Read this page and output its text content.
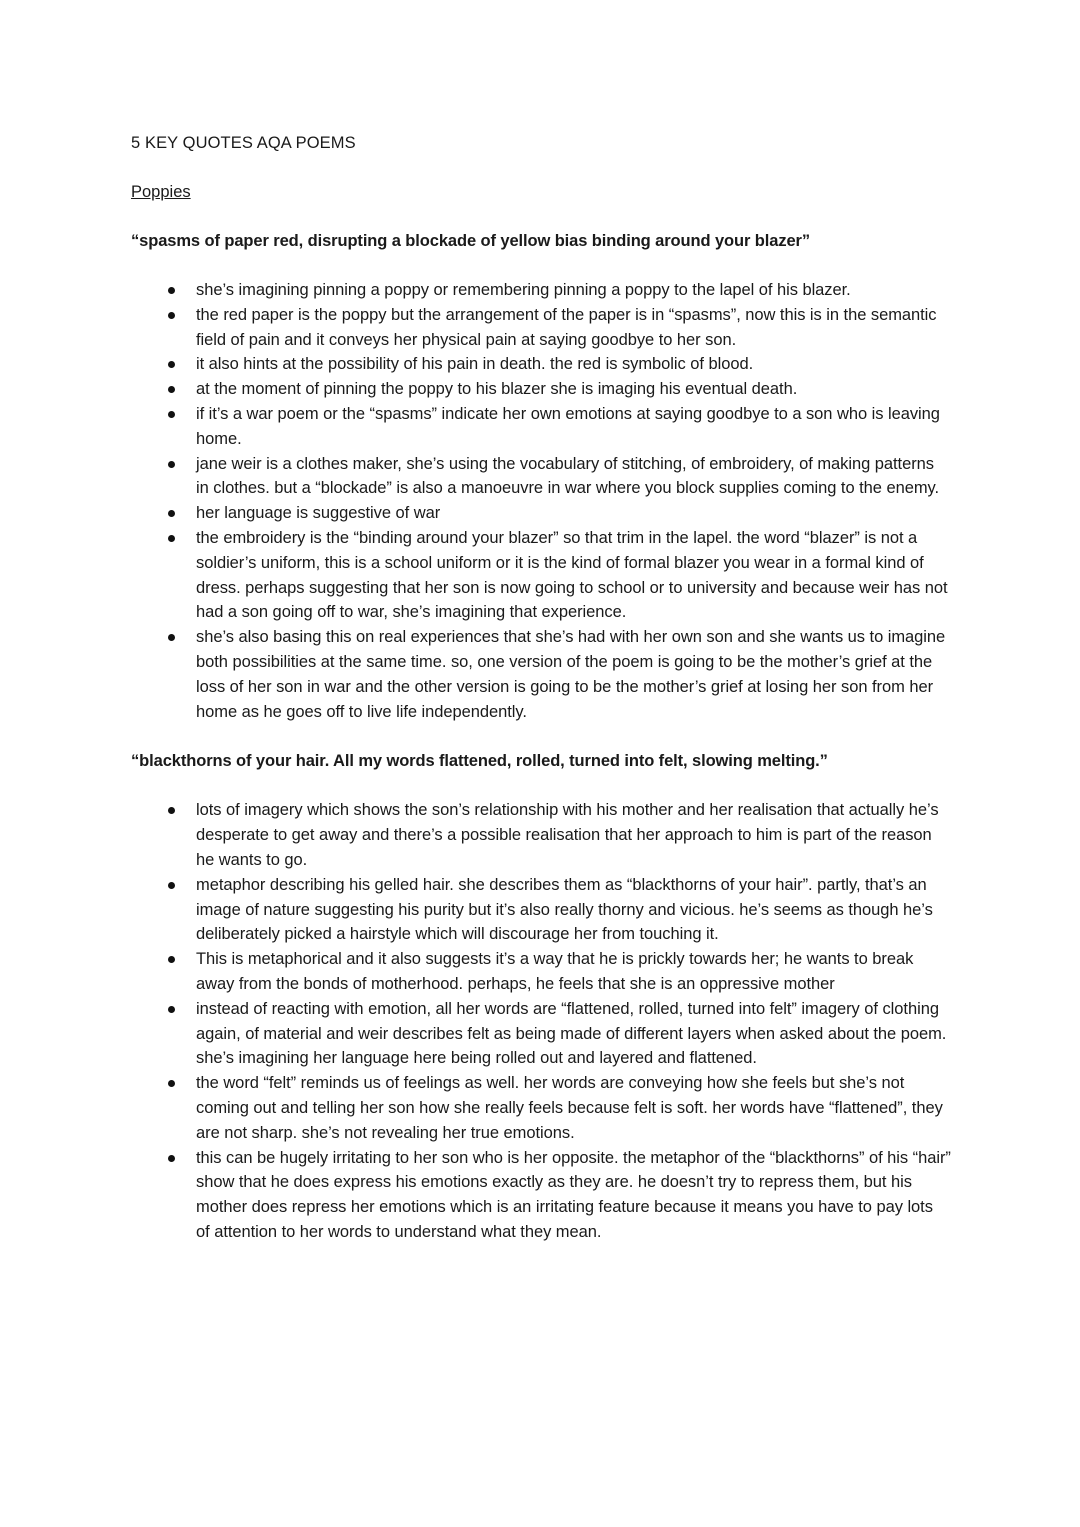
5 KEY QUOTES AQA POEMS
Poppies
“spasms of paper red, disrupting a blockade of yellow bias binding around your blazer”
she’s imagining pinning a poppy or remembering pinning a poppy to the lapel of his blazer.
the red paper is the poppy but the arrangement of the paper is in “spasms”, now this is in the semantic field of pain and it conveys her physical pain at saying goodbye to her son.
it also hints at the possibility of his pain in death. the red is symbolic of blood.
at the moment of pinning the poppy to his blazer she is imaging his eventual death.
if it’s a war poem or the “spasms” indicate her own emotions at saying goodbye to a son who is leaving home.
jane weir is a clothes maker, she’s using the vocabulary of stitching, of embroidery, of making patterns in clothes. but a “blockade” is also a manoeuvre in war where you block supplies coming to the enemy.
her language is suggestive of war
the embroidery is the “binding around your blazer” so that trim in the lapel. the word “blazer” is not a soldier’s uniform, this is a school uniform or it is the kind of formal blazer you wear in a formal kind of dress. perhaps suggesting that her son is now going to school or to university and because weir has not had a son going off to war, she’s imagining that experience.
she’s also basing this on real experiences that she’s had with her own son and she wants us to imagine both possibilities at the same time. so, one version of the poem is going to be the mother’s grief at the loss of her son in war and the other version is going to be the mother’s grief at losing her son from her home as he goes off to live life independently.
“blackthorns of your hair. All my words flattened, rolled, turned into felt, slowing melting.”
lots of imagery which shows the son’s relationship with his mother and her realisation that actually he’s desperate to get away and there’s a possible realisation that her approach to him is part of the reason he wants to go.
metaphor describing his gelled hair. she describes them as “blackthorns of your hair”. partly, that’s an image of nature suggesting his purity but it’s also really thorny and vicious. he’s seems as though he’s deliberately picked a hairstyle which will discourage her from touching it.
This is metaphorical and it also suggests it’s a way that he is prickly towards her; he wants to break away from the bonds of motherhood. perhaps, he feels that she is an oppressive mother
instead of reacting with emotion, all her words are “flattened, rolled, turned into felt” imagery of clothing again, of material and weir describes felt as being made of different layers when asked about the poem. she’s imagining her language here being rolled out and layered and flattened.
the word “felt” reminds us of feelings as well. her words are conveying how she feels but she’s not coming out and telling her son how she really feels because felt is soft. her words have “flattened”, they are not sharp. she’s not revealing her true emotions.
this can be hugely irritating to her son who is her opposite. the metaphor of the “blackthorns” of his “hair” show that he does express his emotions exactly as they are. he doesn’t try to repress them, but his mother does repress her emotions which is an irritating feature because it means you have to pay lots of attention to her words to understand what they mean.
